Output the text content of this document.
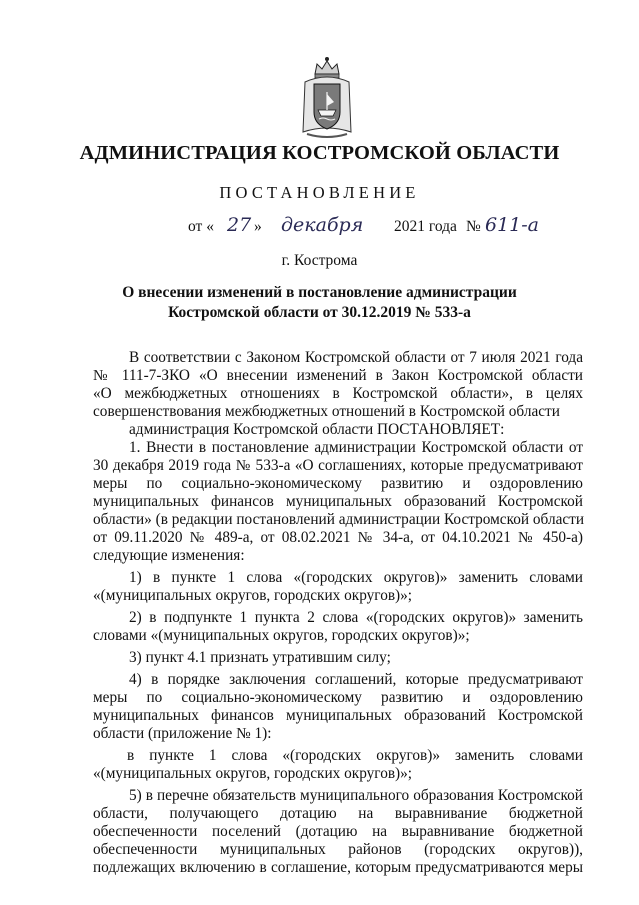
АДМИНИСТРАЦИЯ КОСТРОМСКОЙ ОБЛАСТИ
ПОСТАНОВЛЕНИЕ
от « 27 » декабря 2021 года № 611-а
г. Кострома
О внесении изменений в постановление администрации
Костромской области от 30.12.2019 № 533-а
В соответствии с Законом Костромской области от 7 июля 2021 года
№ 111-7-ЗКО «О внесении изменений в Закон Костромской области
«О межбюджетных отношениях в Костромской области», в целях
совершенствования межбюджетных отношений в Костромской области
администрация Костромской области ПОСТАНОВЛЯЕТ:
1. Внести в постановление администрации Костромской области от
30 декабря 2019 года № 533-а «О соглашениях, которые предусматривают
меры по социально-экономическому развитию и оздоровлению
муниципальных финансов муниципальных образований Костромской
области» (в редакции постановлений администрации Костромской области
от 09.11.2020 № 489-а, от 08.02.2021 № 34-а, от 04.10.2021 № 450-а)
следующие изменения:
1) в пункте 1 слова «(городских округов)» заменить словами
«(муниципальных округов, городских округов)»;
2) в подпункте 1 пункта 2 слова «(городских округов)» заменить
словами «(муниципальных округов, городских округов)»;
3) пункт 4.1 признать утратившим силу;
4) в порядке заключения соглашений, которые предусматривают
меры по социально-экономическому развитию и оздоровлению
муниципальных финансов муниципальных образований Костромской
области (приложение № 1):
в пункте 1 слова «(городских округов)» заменить словами
«(муниципальных округов, городских округов)»;
5) в перечне обязательств муниципального образования Костромской
области, получающего дотацию на выравнивание бюджетной
обеспеченности поселений (дотацию на выравнивание бюджетной
обеспеченности муниципальных районов (городских округов)),
подлежащих включению в соглашение, которым предусматриваются меры
